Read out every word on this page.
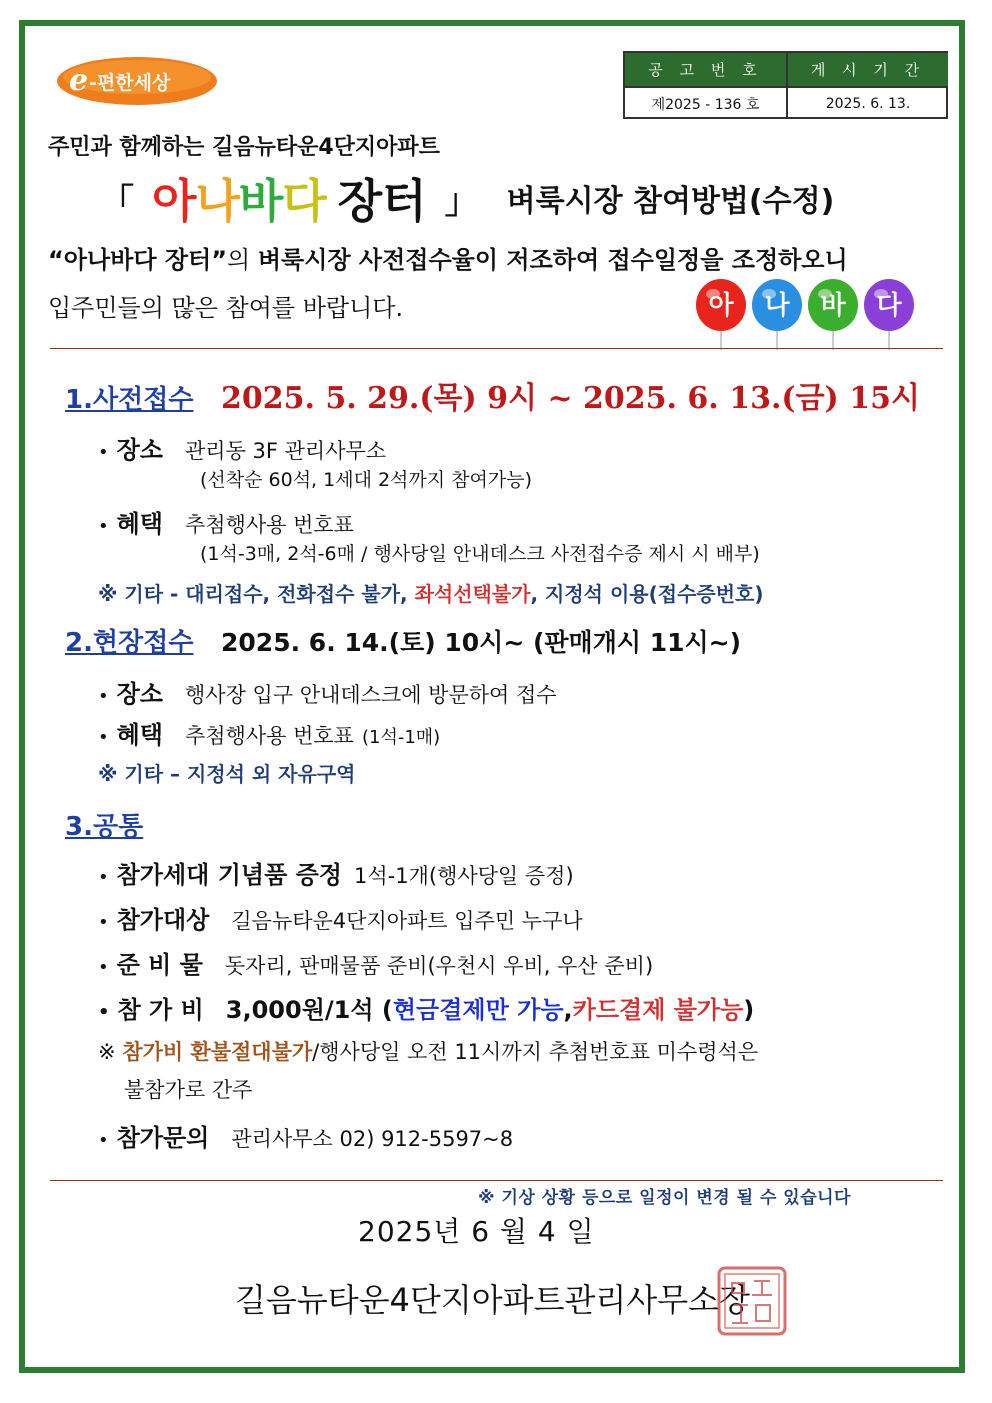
e -편한세상
공 고 번 호	게 시 기 간
제2025 - 136 호	2025. 6. 13.
주민과 함께하는 길음뉴타운4단지아파트
「 아나바다 장터 」 벼룩시장 참여방법(수정)
“아나바다 장터”의 벼룩시장 사전접수율이 저조하여 접수일정을 조정하오니
입주민들의 많은 참여를 바랍니다.	아 나 바 다
1.사전접수 2025. 5. 29.(목) 9시 ~ 2025. 6. 13.(금) 15시
• 장소 관리동 3F 관리사무소
(선착순 60석, 1세대 2석까지 참여가능)
• 혜택 추첨행사용 번호표
(1석-3매, 2석-6매 / 행사당일 안내데스크 사전접수증 제시 시 배부)
※ 기타 - 대리접수, 전화접수 불가, 좌석선택불가, 지정석 이용(접수증번호)
2.현장접수 2025. 6. 14.(토) 10시~ (판매개시 11시~)
• 장소 행사장 입구 안내데스크에 방문하여 접수
• 혜택 추첨행사용 번호표 (1석-1매)
※ 기타 – 지정석 외 자유구역
3.공통
• 참가세대 기념품 증정 1석-1개(행사당일 증정)
• 참가대상 길음뉴타운4단지아파트 입주민 누구나
• 준 비 물 돗자리, 판매물품 준비(우천시 우비, 우산 준비)
• 참 가 비 3,000원/1석 ( 현금결제만 가능 , 카드결제 불가능 )
※ 참가비 환불절대불가/행사당일 오전 11시까지 추첨번호표 미수령석은
불참가로 간주
• 참가문의 관리사무소 02) 912-5597~8
※ 기상 상황 등으로 일정이 변경 될 수 있습니다
2025년 6 월 4 일
길음뉴타운4단지아파트관리사무소장
